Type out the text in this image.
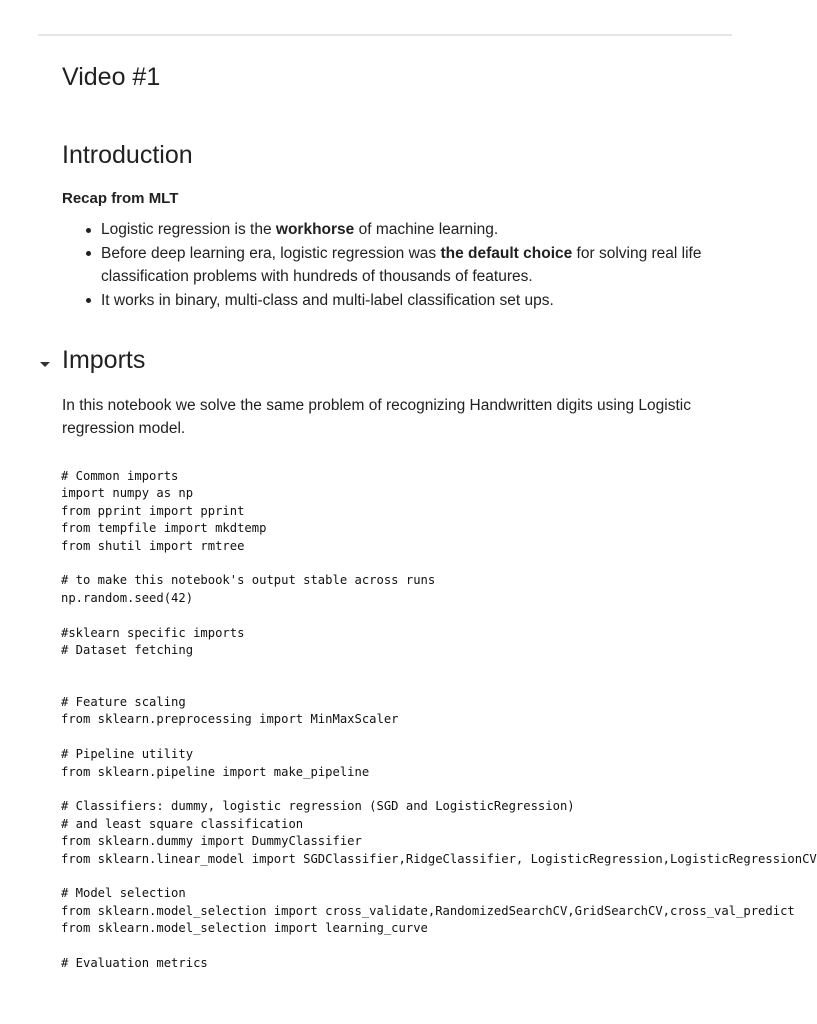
Video #1
Introduction
Recap from MLT
Logistic regression is the workhorse of machine learning.
Before deep learning era, logistic regression was the default choice for solving real life classification problems with hundreds of thousands of features.
It works in binary, multi-class and multi-label classification set ups.
Imports

In this notebook we solve the same problem of recognizing Handwritten digits using Logistic regression model.

# Common imports
import numpy as np
from pprint import pprint
from tempfile import mkdtemp
from shutil import rmtree
# to make this notebook's output stable across runs
np.random.seed(42)
#sklearn specific imports
# Dataset fetching
# Feature scaling
from sklearn.preprocessing import MinMaxScaler
# Pipeline utility
from sklearn.pipeline import make_pipeline
# Classifiers: dummy, logistic regression (SGD and LogisticRegression)
# and least square classification
from sklearn.dummy import DummyClassifier
from sklearn.linear_model import SGDClassifier,RidgeClassifier, LogisticRegression,LogisticRegressionCV
# Model selection
from sklearn.model_selection import cross_validate,RandomizedSearchCV,GridSearchCV,cross_val_predict
from sklearn.model_selection import learning_curve
# Evaluation metrics
